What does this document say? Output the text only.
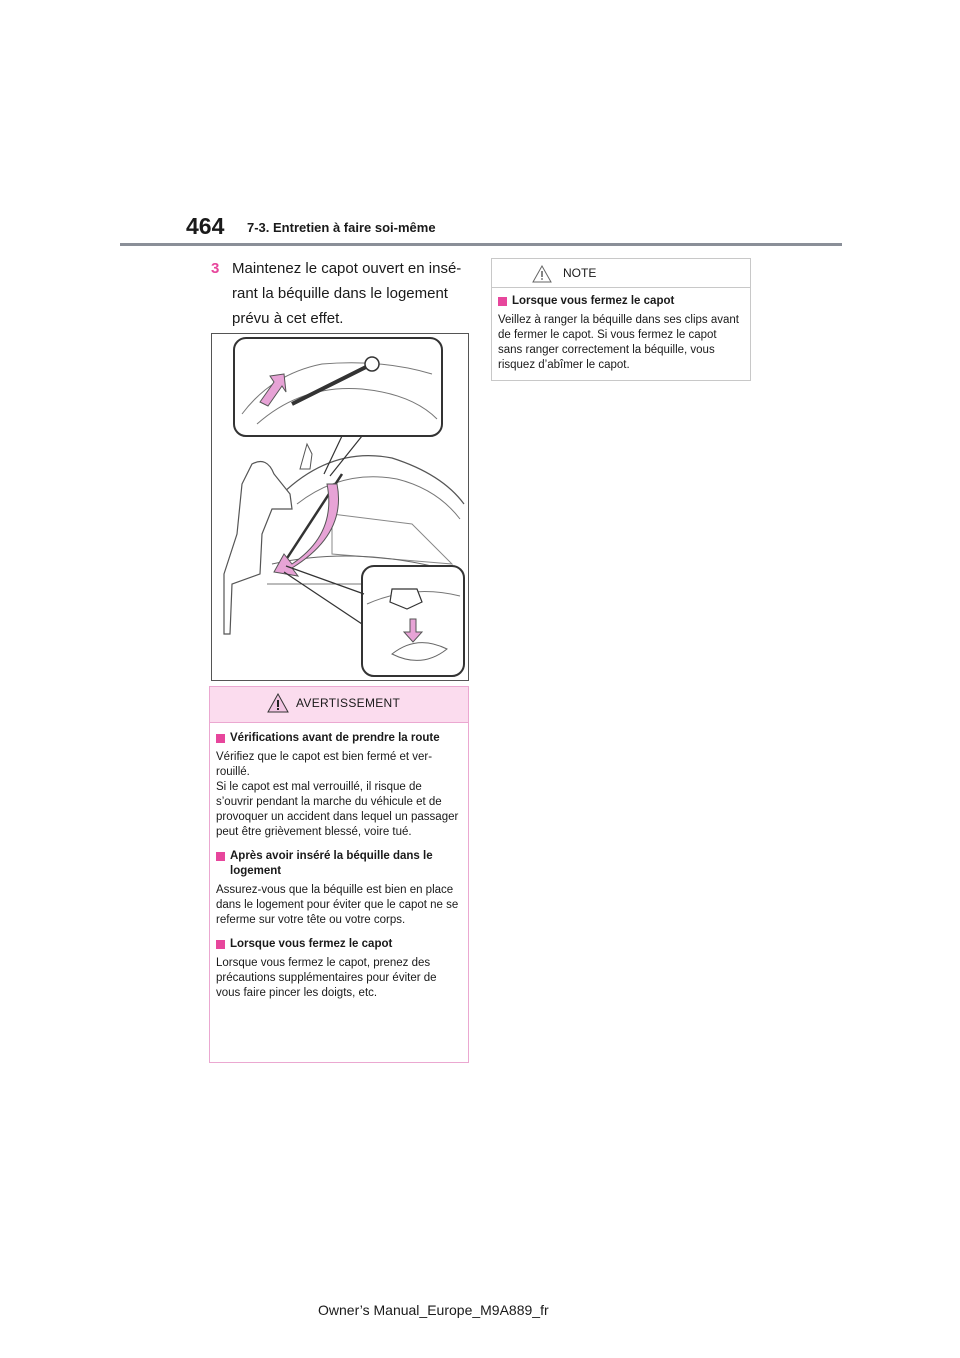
464 7-3. Entretien à faire soi-même
3 Maintenez le capot ouvert en insé-rant la béquille dans le logement prévu à cet effet.
AVERTISSEMENT
Vérifications avant de prendre la route

Vérifiez que le capot est bien fermé et ver-rouillé.
Si le capot est mal verrouillé, il risque de s’ouvrir pendant la marche du véhicule et de provoquer un accident dans lequel un passager peut être grièvement blessé, voire tué.

Après avoir inséré la béquille dans le logement

Assurez-vous que la béquille est bien en place dans le logement pour éviter que le capot ne se referme sur votre tête ou votre corps.

Lorsque vous fermez le capot

Lorsque vous fermez le capot, prenez des précautions supplémentaires pour éviter de vous faire pincer les doigts, etc.

NOTE
Lorsque vous fermez le capot

Veillez à ranger la béquille dans ses clips avant de fermer le capot. Si vous fermez le capot sans ranger correctement la béquille, vous risquez d’abîmer le capot.

Owner’s Manual_Europe_M9A889_fr
